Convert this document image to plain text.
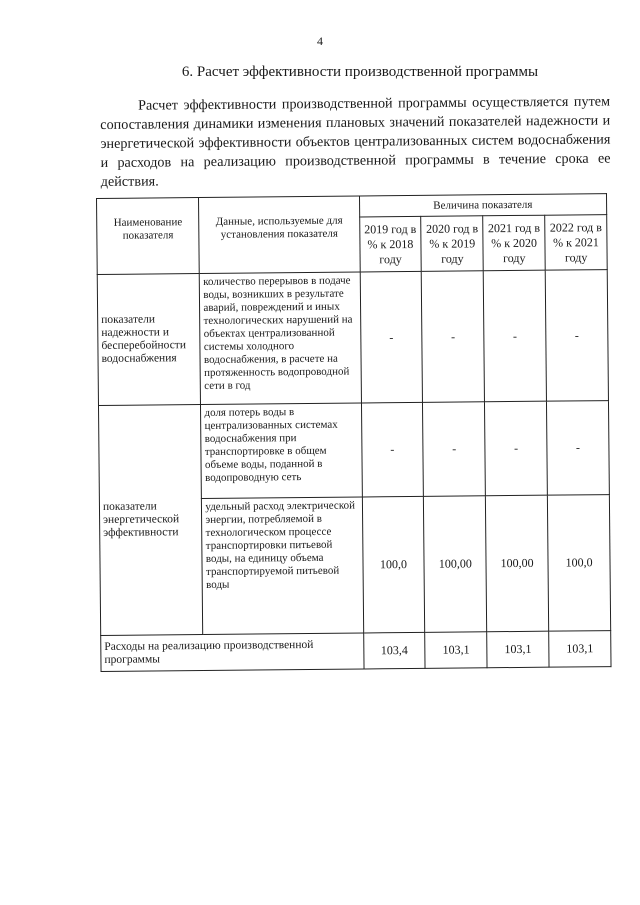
4
6. Расчет эффективности производственной программы

Расчет эффективности производственной программы осуществляется путем сопоставления динамики изменения плановых значений показателей надежности и энергетической эффективности объектов централизованных систем водоснабжения и расходов на реализацию производственной программы в течение срока ее действия.

Наименование показателя	Данные, используемые для установления показателя	Величина показателя			
		2019 год в % к 2018 году	2020 год в % к 2019 году	2021 год в % к 2020 году	2022 год в % к 2021 году
показатели надежности и бесперебойности водоснабжения	количество перерывов в подаче воды, возникших в результате аварий, повреждений и иных технологических нарушений на объектах централизованной системы холодного водоснабжения, в расчете на протяженность водопроводной сети в год	-	-	-	-
показатели энергетической эффективности	доля потерь воды в централизованных системах водоснабжения при транспортировке в общем объеме воды, поданной в водопроводную сеть	-	-	-	-
	удельный расход электрической энергии, потребляемой в технологическом процессе транспортировки питьевой воды, на единицу объема транспортируемой питьевой воды	100,0	100,00	100,00	100,0
Расходы на реализацию производственной программы		103,4	103,1	103,1	103,1
